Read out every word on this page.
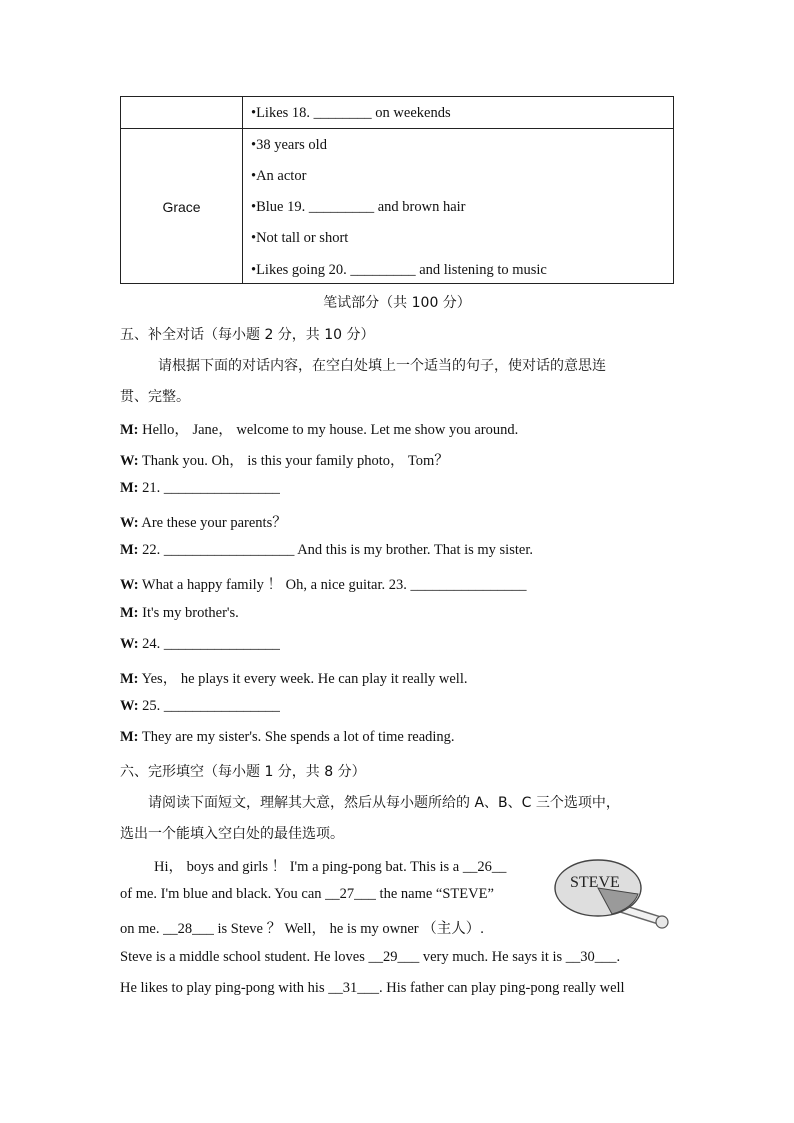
•Likes 18. ________ on weekends
Grace
•38 years old
•An actor
•Blue 19. _________ and brown hair
•Not tall or short
•Likes going 20. _________ and listening to music
笔试部分（共 100 分）
五、补全对话（每小题 2 分，共 10 分）
请根据下面的对话内容，在空白处填上一个适当的句子，使对话的意思连
贯、完整。
M: Hello， Jane， welcome to my house. Let me show you around.
W: Thank you. Oh， is this your family photo， Tom？
M: 21. ________________
W: Are these your parents？
M: 22. __________________ And this is my brother. That is my sister.
W: What a happy family ！ Oh, a nice guitar. 23. ________________
M: It's my brother's.
W: 24. ________________
M: Yes， he plays it every week. He can play it really well.
W: 25. ________________
M: They are my sister's. She spends a lot of time reading.
六、完形填空（每小题 1 分，共 8 分）
请阅读下面短文，理解其大意，然后从每小题所给的 A、B、C 三个选项中，
选出一个能填入空白处的最佳选项。
Hi， boys and girls ！ I'm a ping-pong bat. This is a __26__
of me. I'm blue and black. You can __27___ the name “STEVE”
on me. __28___ is Steve ？ Well， he is my owner （主人）.
Steve is a middle school student. He loves __29___ very much. He says it is __30___.
He likes to play ping-pong with his __31___. His father can play ping-pong really well
STEVE
